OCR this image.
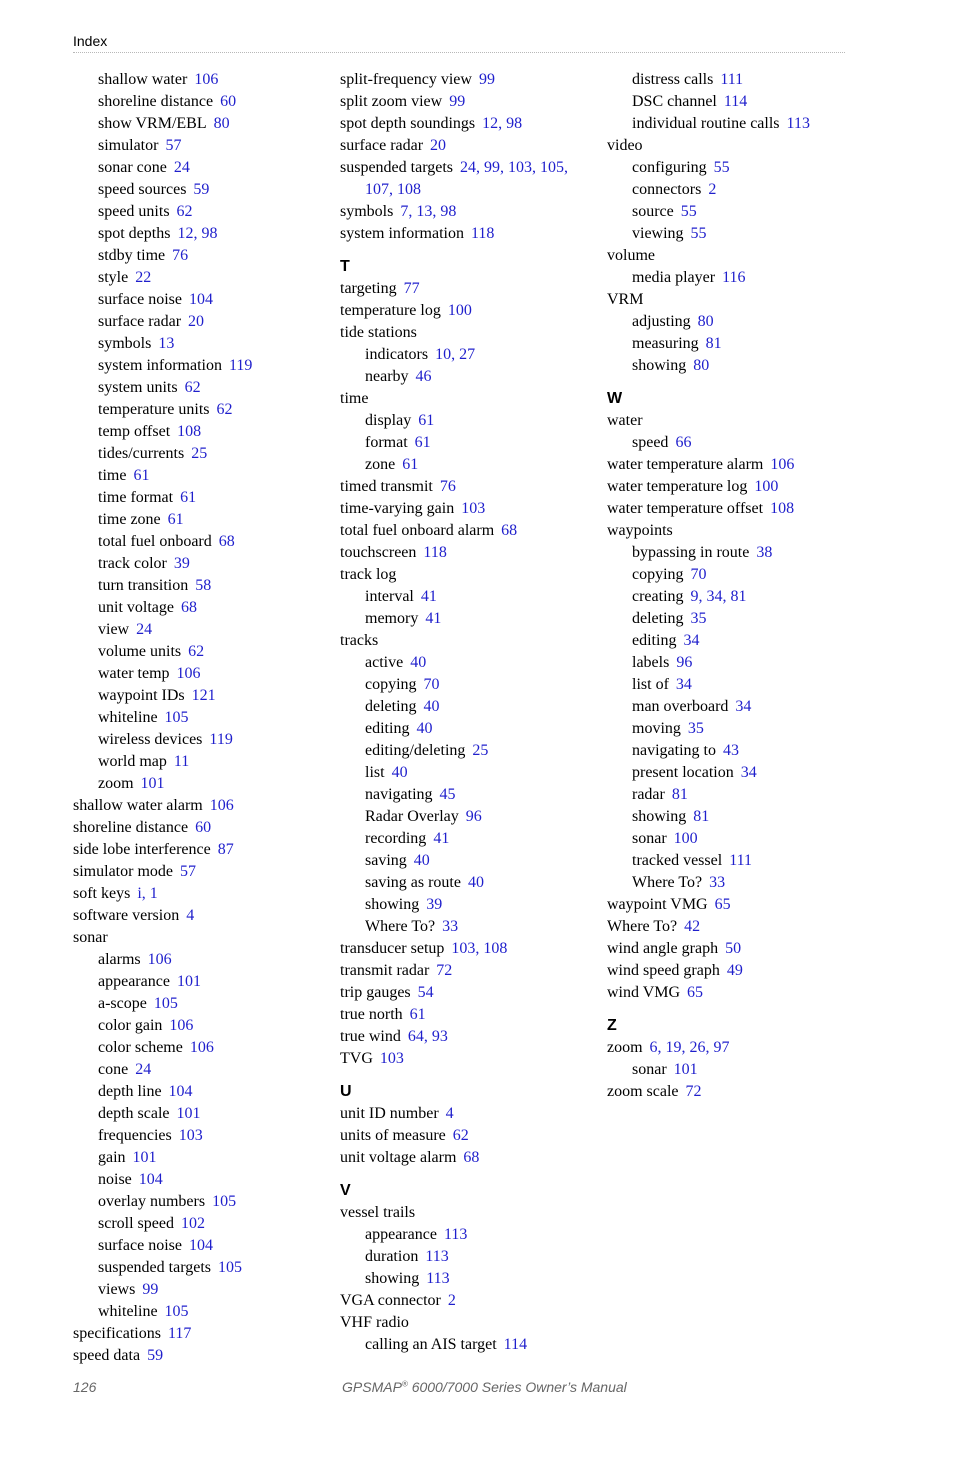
Index
shallow water 106
shoreline distance 60
show VRM/EBL 80
simulator 57
sonar cone 24
speed sources 59
speed units 62
spot depths 12, 98
stdby time 76
style 22
surface noise 104
surface radar 20
symbols 13
system information 119
system units 62
temperature units 62
temp offset 108
tides/currents 25
time 61
time format 61
time zone 61
total fuel onboard 68
track color 39
turn transition 58
unit voltage 68
view 24
volume units 62
water temp 106
waypoint IDs 121
whiteline 105
wireless devices 119
world map 11
zoom 101
shallow water alarm 106
shoreline distance 60
side lobe interference 87
simulator mode 57
soft keys i, 1
software version 4
sonar
alarms 106
appearance 101
a-scope 105
color gain 106
color scheme 106
cone 24
depth line 104
depth scale 101
frequencies 103
gain 101
noise 104
overlay numbers 105
scroll speed 102
surface noise 104
suspended targets 105
views 99
whiteline 105
specifications 117
speed data 59
split-frequency view 99
split zoom view 99
spot depth soundings 12, 98
surface radar 20
suspended targets 24, 99, 103, 105,
107, 108
symbols 7, 13, 98
system information 118
T
targeting 77
temperature log 100
tide stations
indicators 10, 27
nearby 46
time
display 61
format 61
zone 61
timed transmit 76
time-varying gain 103
total fuel onboard alarm 68
touchscreen 118
track log
interval 41
memory 41
tracks
active 40
copying 70
deleting 40
editing 40
editing/deleting 25
list 40
navigating 45
Radar Overlay 96
recording 41
saving 40
saving as route 40
showing 39
Where To? 33
transducer setup 103, 108
transmit radar 72
trip gauges 54
true north 61
true wind 64, 93
TVG 103
U
unit ID number 4
units of measure 62
unit voltage alarm 68
V
vessel trails
appearance 113
duration 113
showing 113
VGA connector 2
VHF radio
calling an AIS target 114
distress calls 111
DSC channel 114
individual routine calls 113
video
configuring 55
connectors 2
source 55
viewing 55
volume
media player 116
VRM
adjusting 80
measuring 81
showing 80
W
water
speed 66
water temperature alarm 106
water temperature log 100
water temperature offset 108
waypoints
bypassing in route 38
copying 70
creating 9, 34, 81
deleting 35
editing 34
labels 96
list of 34
man overboard 34
moving 35
navigating to 43
present location 34
radar 81
showing 81
sonar 100
tracked vessel 111
Where To? 33
waypoint VMG 65
Where To? 42
wind angle graph 50
wind speed graph 49
wind VMG 65
Z
zoom 6, 19, 26, 97
sonar 101
zoom scale 72
126	GPSMAP® 6000/7000 Series Owner’s Manual
